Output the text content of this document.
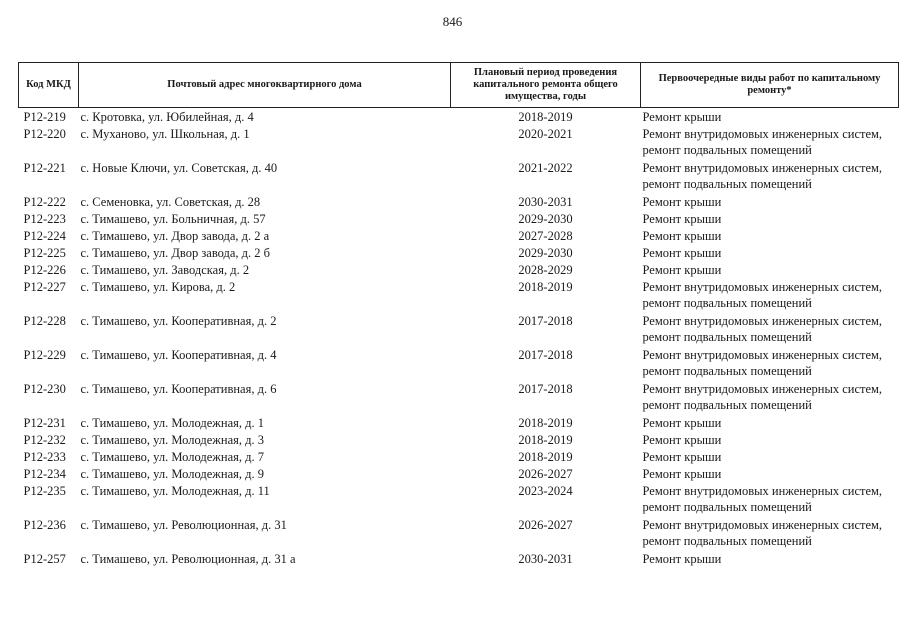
846
Код МКД	Почтовый адрес многоквартирного дома	Плановый период проведения капитального ремонта общего имущества, годы	Первоочередные виды работ по капитальному ремонту*
Р12-219	с. Кротовка, ул. Юбилейная, д. 4	2018-2019	Ремонт крыши

Р12-220	с. Муханово, ул. Школьная, д. 1	2020-2021	Ремонт внутридомовых инженерных систем,
ремонт подвальных помещений

Р12-221	с. Новые Ключи, ул. Советская, д. 40	2021-2022	Ремонт внутридомовых инженерных систем,
ремонт подвальных помещений

Р12-222	с. Семеновка, ул. Советская, д. 28	2030-2031	Ремонт крыши

Р12-223	с. Тимашево, ул. Больничная, д. 57	2029-2030	Ремонт крыши

Р12-224	с. Тимашево, ул. Двор завода, д. 2 а	2027-2028	Ремонт крыши

Р12-225	с. Тимашево, ул. Двор завода, д. 2 б	2029-2030	Ремонт крыши

Р12-226	с. Тимашево, ул. Заводская, д. 2	2028-2029	Ремонт крыши

Р12-227	с. Тимашево, ул. Кирова, д. 2	2018-2019	Ремонт внутридомовых инженерных систем,
ремонт подвальных помещений

Р12-228	с. Тимашево, ул. Кооперативная, д. 2	2017-2018	Ремонт внутридомовых инженерных систем,
ремонт подвальных помещений

Р12-229	с. Тимашево, ул. Кооперативная, д. 4	2017-2018	Ремонт внутридомовых инженерных систем,
ремонт подвальных помещений

Р12-230	с. Тимашево, ул. Кооперативная, д. 6	2017-2018	Ремонт внутридомовых инженерных систем,
ремонт подвальных помещений

Р12-231	с. Тимашево, ул. Молодежная, д. 1	2018-2019	Ремонт крыши

Р12-232	с. Тимашево, ул. Молодежная, д. 3	2018-2019	Ремонт крыши

Р12-233	с. Тимашево, ул. Молодежная, д. 7	2018-2019	Ремонт крыши

Р12-234	с. Тимашево, ул. Молодежная, д. 9	2026-2027	Ремонт крыши

Р12-235	с. Тимашево, ул. Молодежная, д. 11	2023-2024	Ремонт внутридомовых инженерных систем,
ремонт подвальных помещений

Р12-236	с. Тимашево, ул. Революционная, д. 31	2026-2027	Ремонт внутридомовых инженерных систем,
ремонт подвальных помещений

Р12-257	с. Тимашево, ул. Революционная, д. 31 а	2030-2031	Ремонт крыши
